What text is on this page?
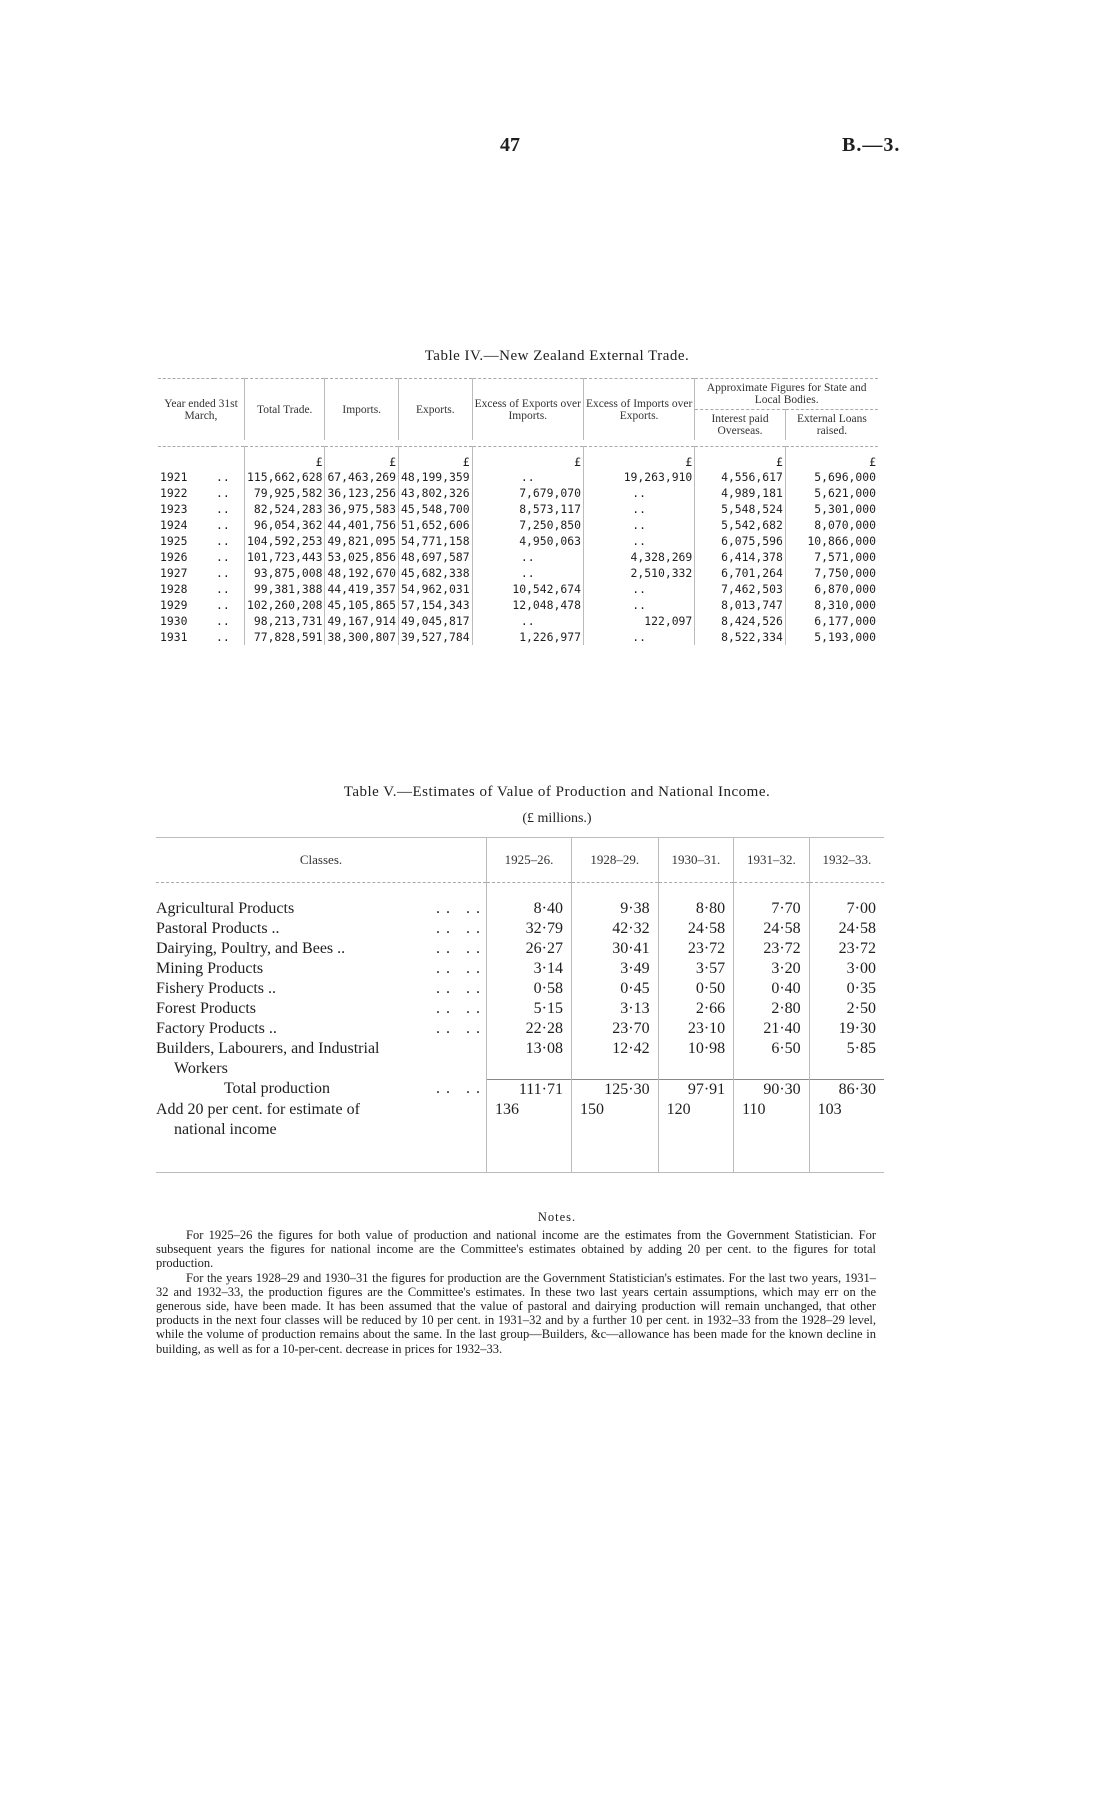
47	B.—3.
Table IV.—New Zealand External Trade.
Year ended 31st March,		Total Trade.	Imports.	Exports.	Excess of Exports over Imports.	Excess of Imports over Exports.	Approximate Figures for State and Local Bodies.	
							Interest paid Overseas.	External Loans raised.

		£	£	£	£	£	£	£
1921	..	115,662,628	67,463,269	48,199,359	..	19,263,910	4,556,617	5,696,000
1922	..	79,925,582	36,123,256	43,802,326	7,679,070	..	4,989,181	5,621,000
1923	..	82,524,283	36,975,583	45,548,700	8,573,117	..	5,548,524	5,301,000
1924	..	96,054,362	44,401,756	51,652,606	7,250,850	..	5,542,682	8,070,000
1925	..	104,592,253	49,821,095	54,771,158	4,950,063	..	6,075,596	10,866,000
1926	..	101,723,443	53,025,856	48,697,587	..	4,328,269	6,414,378	7,571,000
1927	..	93,875,008	48,192,670	45,682,338	..	2,510,332	6,701,264	7,750,000
1928	..	99,381,388	44,419,357	54,962,031	10,542,674	..	7,462,503	6,870,000
1929	..	102,260,208	45,105,865	57,154,343	12,048,478	..	8,013,747	8,310,000
1930	..	98,213,731	49,167,914	49,045,817	..	122,097	8,424,526	6,177,000
1931	..	77,828,591	38,300,807	39,527,784	1,226,977	..	8,522,334	5,193,000
Table V.—Estimates of Value of Production and National Income.
(£ millions.)
Classes.	1925–26.	1928–29.	1930–31.	1931–32.	1932–33.

Agricultural Products .. ..	8·40	9·38	8·80	7·70	7·00
Pastoral Products .. .. ..	32·79	42·32	24·58	24·58	24·58
Dairying, Poultry, and Bees .. .. ..	26·27	30·41	23·72	23·72	23·72
Mining Products .. ..	3·14	3·49	3·57	3·20	3·00
Fishery Products .. .. ..	0·58	0·45	0·50	0·40	0·35
Forest Products .. ..	5·15	3·13	2·66	2·80	2·50
Factory Products .. .. ..	22·28	23·70	23·10	21·40	19·30
Builders, Labourers, and Industrial
Workers	13·08	12·42	10·98	6·50	5·85
Total production .. ..	111·71	125·30	97·91	90·30	86·30
Add 20 per cent. for estimate of
national income	136	150	120	110	103

Notes.

For 1925–26 the figures for both value of production and national income are the estimates from the Government Statistician. For subsequent years the figures for national income are the Committee's estimates obtained by adding 20 per cent. to the figures for total production.

For the years 1928–29 and 1930–31 the figures for production are the Government Statistician's estimates. For the last two years, 1931–32 and 1932–33, the production figures are the Committee's estimates. In these two last years certain assumptions, which may err on the generous side, have been made. It has been assumed that the value of pastoral and dairying production will remain unchanged, that other products in the next four classes will be reduced by 10 per cent. in 1931–32 and by a further 10 per cent. in 1932–33 from the 1928–29 level, while the volume of production remains about the same. In the last group—Builders, &c—allowance has been made for the known decline in building, as well as for a 10-per-cent. decrease in prices for 1932–33.
